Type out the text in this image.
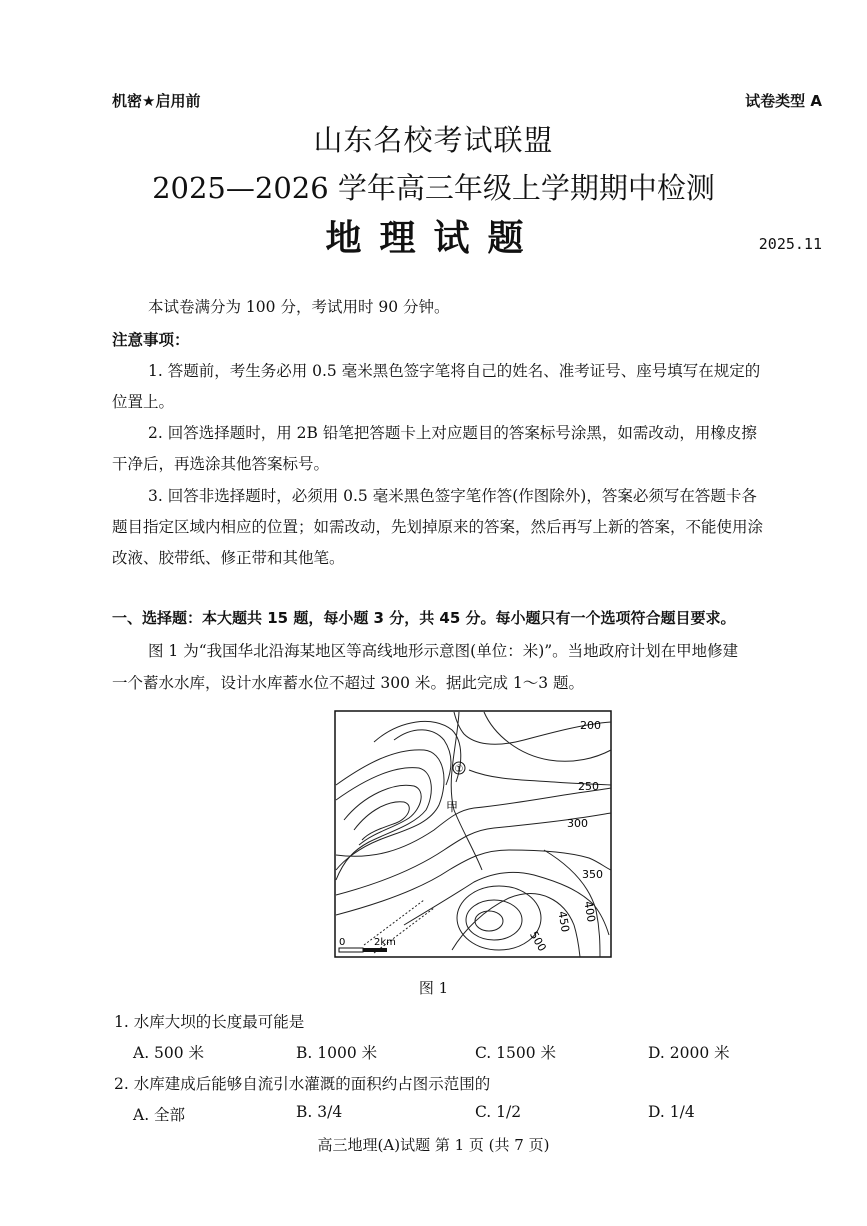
机密★启用前	试卷类型 A
山东名校考试联盟
2025—2026 学年高三年级上学期期中检测
地理试题	2025.11
本试卷满分为 100 分，考试用时 90 分钟。
注意事项：
1. 答题前，考生务必用 0.5 毫米黑色签字笔将自己的姓名、准考证号、座号填写在规定的
位置上。
2. 回答选择题时，用 2B 铅笔把答题卡上对应题目的答案标号涂黑，如需改动，用橡皮擦
干净后，再选涂其他答案标号。
3. 回答非选择题时，必须用 0.5 毫米黑色签字笔作答(作图除外)，答案必须写在答题卡各
题目指定区域内相应的位置；如需改动，先划掉原来的答案，然后再写上新的答案，不能使用涂
改液、胶带纸、修正带和其他笔。
一、选择题：本大题共 15 题，每小题 3 分，共 45 分。每小题只有一个选项符合题目要求。
图 1 为“我国华北沿海某地区等高线地形示意图(单位：米)”。当地政府计划在甲地修建
一个蓄水水库，设计水库蓄水位不超过 300 米。据此完成 1～3 题。
①
甲
200
250
300
350
400
450
500
0	2km
图 1
1. 水库大坝的长度最可能是
A. 500 米	B. 1000 米	C. 1500 米	D. 2000 米
2. 水库建成后能够自流引水灌溉的面积约占图示范围的
A. 全部	B. 3/4	C. 1/2	D. 1/4
高三地理(A)试题 第 1 页 (共 7 页)
